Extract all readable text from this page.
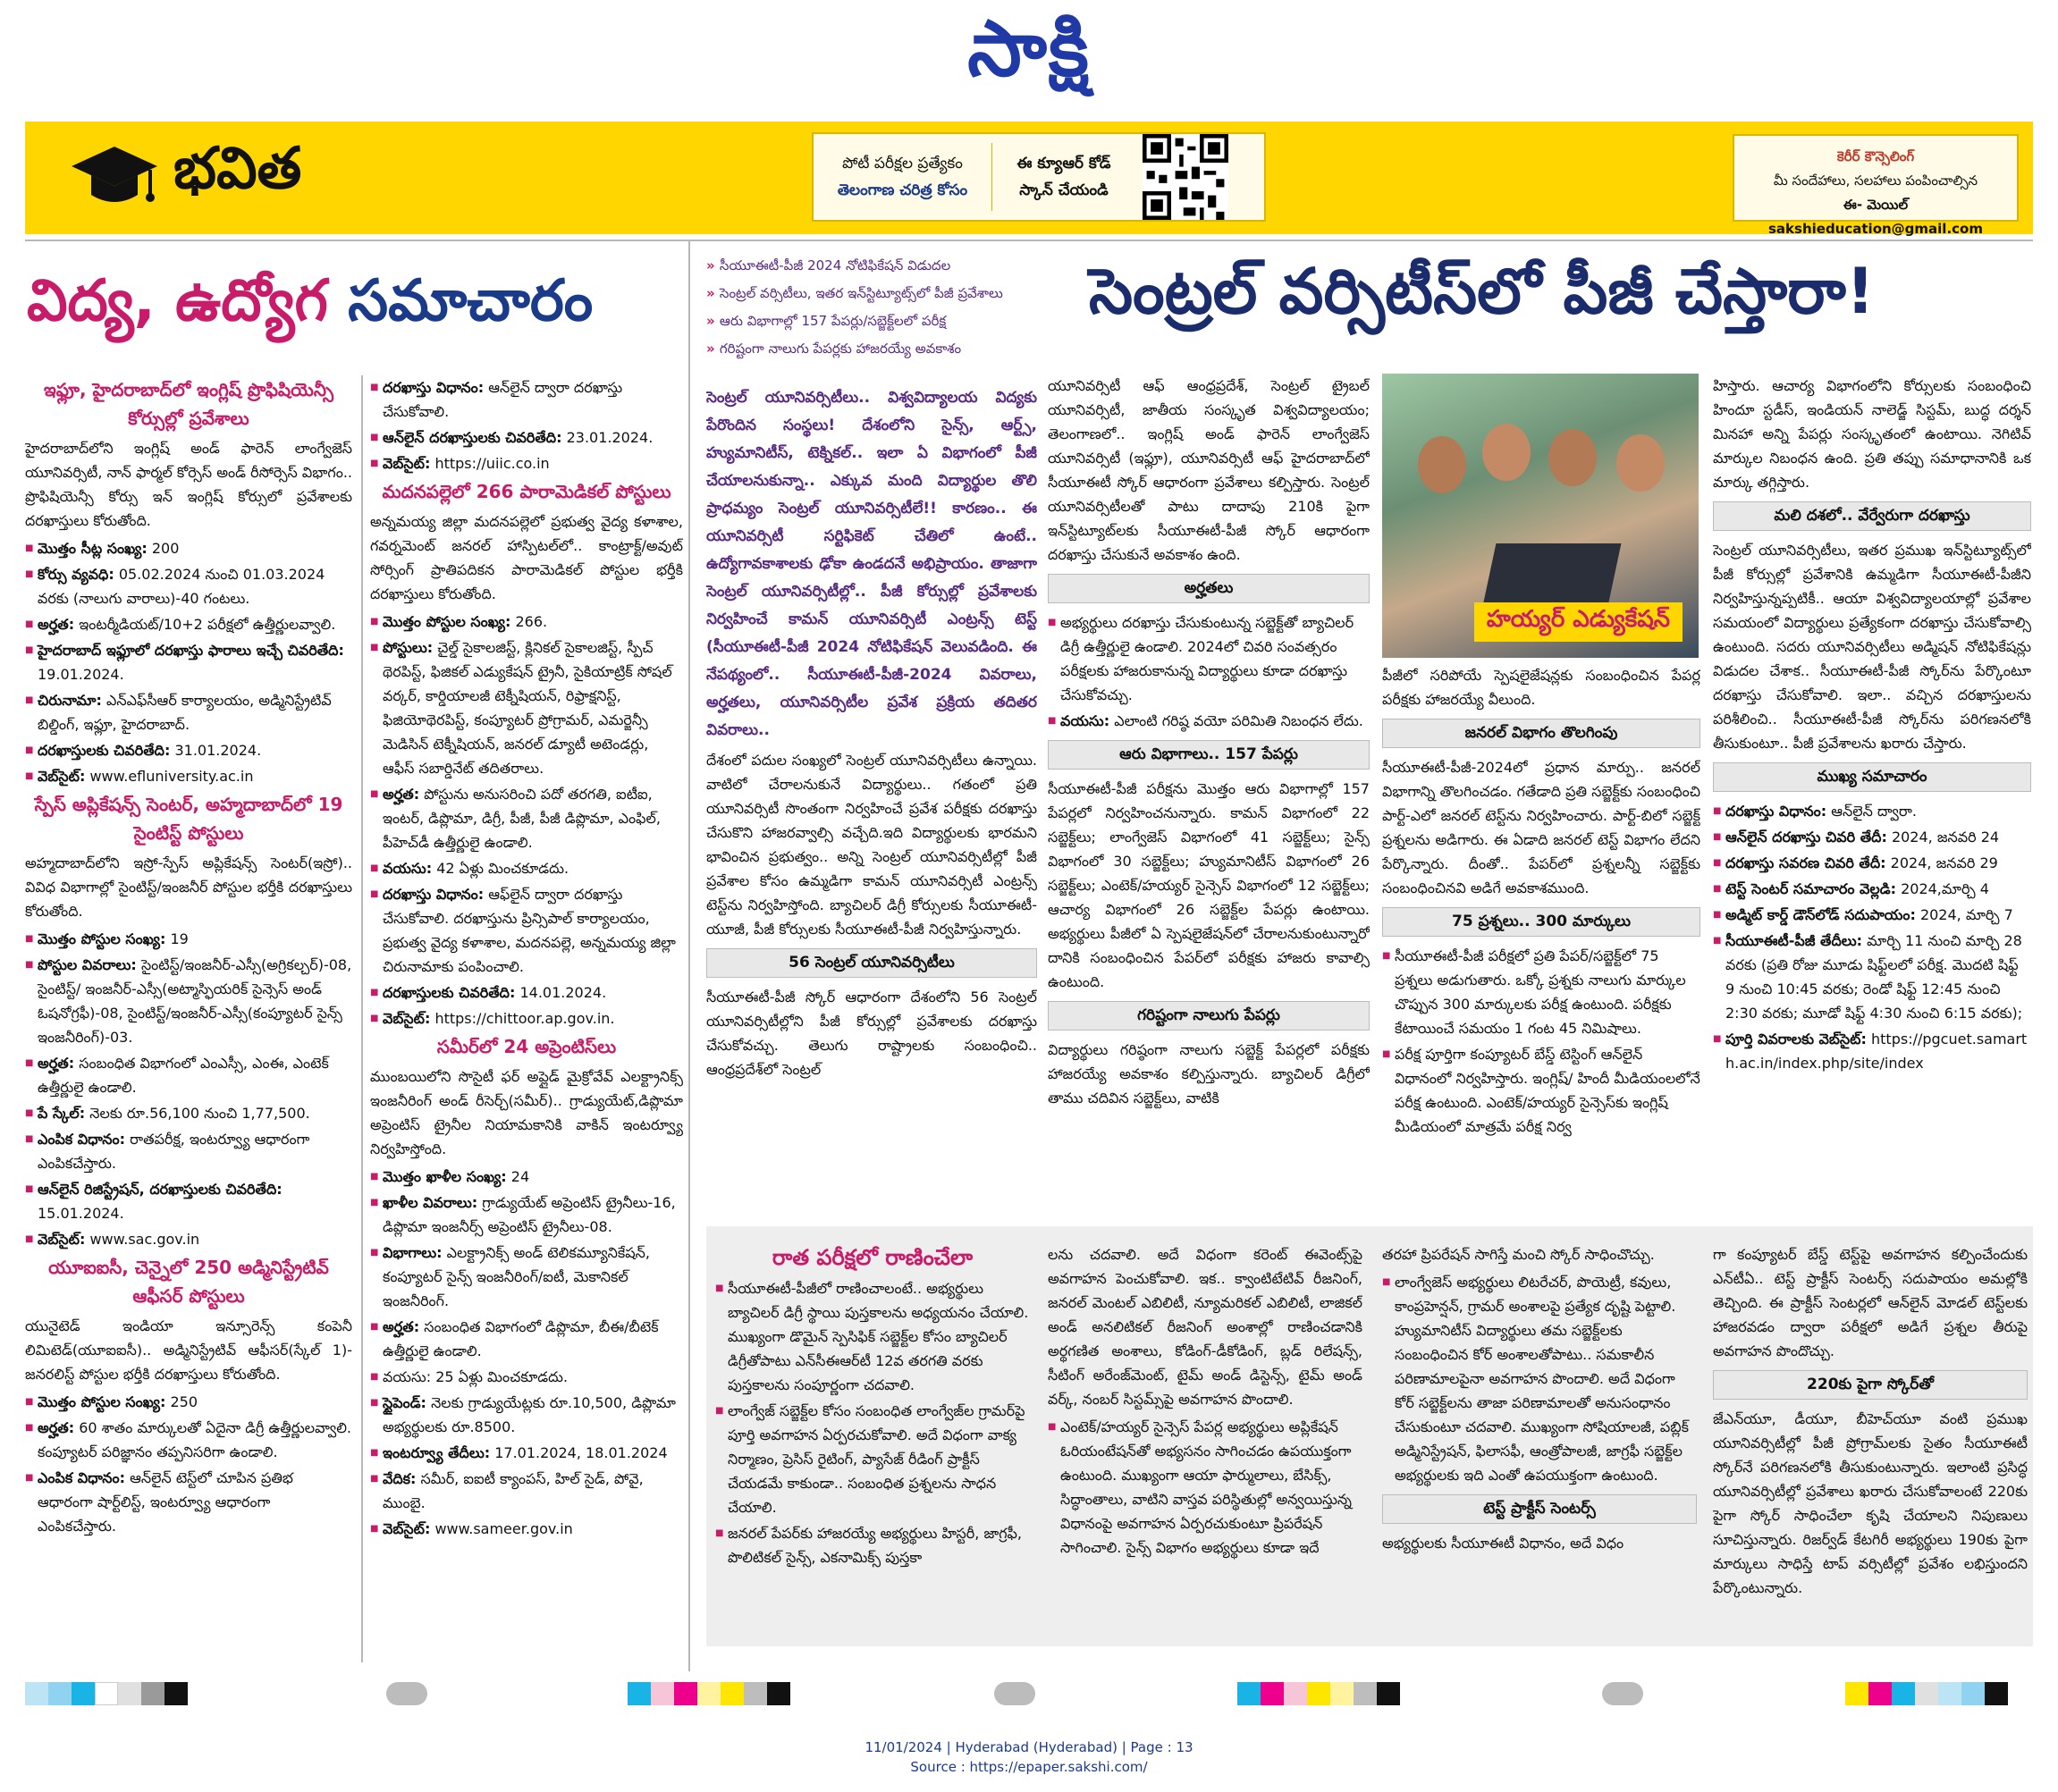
సాక్షి
భవిత	పోటీ పరీక్షల ప్రత్యేకం
తెలంగాణ చరిత్ర కోసం
ఈ క్యూఆర్ కోడ్
స్కాన్ చేయండి
కెరీర్ కౌన్సెలింగ్
మీ సందేహాలు, సలహాలు పంపించాల్సిన
ఈ- మెయిల్ sakshieducation@gmail.com
విద్య, ఉద్యోగ సమాచారం
» సీయూఈటీ-పీజీ 2024 నోటిఫికేషన్ విడుదల
» సెంట్రల్ వర్సిటీలు, ఇతర ఇన్‌స్టిట్యూట్స్‌లో పీజీ ప్రవేశాలు
» ఆరు విభాగాల్లో 157 పేపర్లు/సబ్జెక్ట్‌లలో పరీక్ష
» గరిష్టంగా నాలుగు పేపర్లకు హాజరయ్యే అవకాశం
సెంట్రల్ వర్సిటీస్‌లో పీజీ చేస్తారా!

ఇఫ్లూ, హైదరాబాద్‌లో ఇంగ్లిష్ ప్రొఫిషియెన్సీ కోర్సుల్లో ప్రవేశాలు

హైదరాబాద్‌లోని ఇంగ్లిష్ అండ్ ఫారెన్ లాంగ్వేజెస్ యూనివర్సిటీ, నాన్ ఫార్మల్ కోర్సెస్ అండ్ రీసోర్సెస్ విభాగం.. ప్రొఫిషియెన్సీ కోర్సు ఇన్ ఇంగ్లిష్ కోర్సులో ప్రవేశాలకు దరఖాస్తులు కోరుతోంది.

■ మొత్తం సీట్ల సంఖ్య: 200
■ కోర్సు వ్యవధి: 05.02.2024 నుంచి 01.03.2024 వరకు (నాలుగు వారాలు)-40 గంటలు.
■ అర్హత: ఇంటర్మీడియట్/10+2 పరీక్షలో ఉత్తీర్ణులవ్వాలి.
■ హైదరాబాద్ ఇఫ్లూలో దరఖాస్తు ఫారాలు ఇచ్చే చివరితేది: 19.01.2024.
■ చిరునామా: ఎన్ఎఫ్‌సీఆర్ కార్యాలయం, అడ్మినిస్ట్రేటివ్ బిల్డింగ్, ఇఫ్లూ, హైదరాబాద్.
■ దరఖాస్తులకు చివరితేది: 31.01.2024.
■ వెబ్‌సైట్: www.efluniversity.ac.in

స్పేస్ అప్లికేషన్స్ సెంటర్, అహ్మదాబాద్‌లో 19 సైంటిస్ట్ పోస్టులు

అహ్మదాబాద్‌లోని ఇస్రో-స్పేస్ అప్లికేషన్స్ సెంటర్(ఇస్రో).. వివిధ విభాగాల్లో సైంటిస్ట్/ఇంజనీర్ పోస్టుల భర్తీకి దరఖాస్తులు కోరుతోంది.

■ మొత్తం పోస్టుల సంఖ్య: 19
■ పోస్టుల వివరాలు: సైంటిస్ట్/ఇంజనీర్-ఎస్సీ(అగ్రికల్చర్)-08, సైంటిస్ట్/ ఇంజనీర్-ఎస్సీ(అట్మాస్ఫియరిక్ సైన్సెస్ అండ్ ఓషనోగ్రఫీ)-08, సైంటిస్ట్/ఇంజనీర్-ఎస్సీ(కంప్యూటర్ సైన్స్ ఇంజనీరింగ్)-03.
■ అర్హత: సంబంధిత విభాగంలో ఎంఎస్సీ, ఎంఈ, ఎంటెక్ ఉత్తీర్ణులై ఉండాలి.
■ పే స్కేల్: నెలకు రూ.56,100 నుంచి 1,77,500.
■ ఎంపిక విధానం: రాతపరీక్ష, ఇంటర్వ్యూ ఆధారంగా ఎంపికచేస్తారు.
■ ఆన్‌లైన్ రిజిస్ట్రేషన్, దరఖాస్తులకు చివరితేది: 15.01.2024.
■ వెబ్‌సైట్: www.sac.gov.in

యూఐఐసీ, చెన్నైలో 250 అడ్మినిస్ట్రేటివ్ ఆఫీసర్ పోస్టులు

యునైటెడ్ ఇండియా ఇన్సూరెన్స్ కంపెనీ లిమిటెడ్(యూఐఐసీ).. అడ్మినిస్ట్రేటివ్ ఆఫీసర్(స్కేల్ 1)-జనరలిస్ట్ పోస్టుల భర్తీకి దరఖాస్తులు కోరుతోంది.

■ మొత్తం పోస్టుల సంఖ్య: 250
■ అర్హత: 60 శాతం మార్కులతో ఏదైనా డిగ్రీ ఉత్తీర్ణులవ్వాలి. కంప్యూటర్ పరిజ్ఞానం తప్పనిసరిగా ఉండాలి.
■ ఎంపిక విధానం: ఆన్‌లైన్ టెస్ట్‌లో చూపిన ప్రతిభ ఆధారంగా షార్ట్‌లిస్ట్, ఇంటర్వ్యూ ఆధారంగా ఎంపికచేస్తారు.
■ దరఖాస్తు విధానం: ఆన్‌లైన్ ద్వారా దరఖాస్తు చేసుకోవాలి.
■ ఆన్‌లైన్ దరఖాస్తులకు చివరితేది: 23.01.2024.
■ వెబ్‌సైట్: https://uiic.co.in

మదనపల్లెలో 266 పారామెడికల్ పోస్టులు

అన్నమయ్య జిల్లా మదనపల్లెలో ప్రభుత్వ వైద్య కళాశాల, గవర్నమెంట్ జనరల్ హాస్పిటల్‌లో.. కాంట్రాక్ట్/అవుట్ సోర్సింగ్ ప్రాతిపదికన పారామెడికల్ పోస్టుల భర్తీకి దరఖాస్తులు కోరుతోంది.

■ మొత్తం పోస్టుల సంఖ్య: 266.
■ పోస్టులు: చైల్డ్ సైకాలజిస్ట్, క్లినికల్ సైకాలజిస్ట్, స్పీచ్ థెరపిస్ట్, ఫిజికల్ ఎడ్యుకేషన్ ట్రైనీ, సైకియాట్రిక్ సోషల్ వర్కర్, కార్డియాలజీ టెక్నీషియన్, రిఫ్రాక్షనిస్ట్, ఫిజియోథెరపిస్ట్, కంప్యూటర్ ప్రోగ్రామర్, ఎమర్జెన్సీ మెడిసిన్ టెక్నీషియన్, జనరల్ డ్యూటీ అటెండర్లు, ఆఫీస్ సబార్డినేట్ తదితరాలు.
■ అర్హత: పోస్టును అనుసరించి పదో తరగతి, ఐటీఐ, ఇంటర్, డిప్లొమా, డిగ్రీ, పీజీ, పీజీ డిప్లొమా, ఎంఫిల్, పీహెచ్‌డీ ఉత్తీర్ణులై ఉండాలి.
■ వయసు: 42 ఏళ్లు మించకూడదు.
■ దరఖాస్తు విధానం: ఆఫ్‌లైన్ ద్వారా దరఖాస్తు చేసుకోవాలి. దరఖాస్తును ప్రిన్సిపాల్ కార్యాలయం, ప్రభుత్వ వైద్య కళాశాల, మదనపల్లె, అన్నమయ్య జిల్లా చిరునామాకు పంపించాలి.
■ దరఖాస్తులకు చివరితేది: 14.01.2024.
■ వెబ్‌సైట్: https://chittoor.ap.gov.in.

సమీర్‌లో 24 అప్రెంటిస్‌లు

ముంబయిలోని సొసైటీ ఫర్ అప్లైడ్ మైక్రోవేవ్ ఎలక్ట్రానిక్స్ ఇంజనీరింగ్ అండ్ రీసెర్చ్(సమీర్).. గ్రాడ్యుయేట్,డిప్లొమా అప్రెంటిస్ ట్రైనీల నియామకానికి వాకిన్ ఇంటర్వ్యూ నిర్వహిస్తోంది.

■ మొత్తం ఖాళీల సంఖ్య: 24
■ ఖాళీల వివరాలు: గ్రాడ్యుయేట్ అప్రెంటిస్ ట్రైనీలు-16, డిప్లొమా ఇంజనీర్స్ అప్రెంటిస్ ట్రైనీలు-08.
■ విభాగాలు: ఎలక్ట్రానిక్స్ అండ్ టెలికమ్యూనికేషన్, కంప్యూటర్ సైన్స్ ఇంజనీరింగ్/ఐటీ, మెకానికల్ ఇంజనీరింగ్.
■ అర్హత: సంబంధిత విభాగంలో డిప్లొమా, బీఈ/బీటెక్ ఉత్తీర్ణులై ఉండాలి.
■ వయసు: 25 ఏళ్లు మించకూడదు.
■ స్టైపెండ్: నెలకు గ్రాడ్యుయేట్లకు రూ.10,500, డిప్లొమా అభ్యర్థులకు రూ.8500.
■ ఇంటర్వ్యూ తేదీలు: 17.01.2024, 18.01.2024
■ వేదిక: సమీర్, ఐఐటీ క్యాంపస్, హిల్ సైడ్, పోవై, ముంబై.
■ వెబ్‌సైట్: www.sameer.gov.in

సెంట్రల్ యూనివర్సిటీలు.. విశ్వవిద్యాలయ విద్యకు పేరొందిన సంస్థలు! దేశంలోని సైన్స్, ఆర్ట్స్, హ్యుమానిటీస్, టెక్నికల్.. ఇలా ఏ విభాగంలో పీజీ చేయాలనుకున్నా.. ఎక్కువ మంది విద్యార్థుల తొలి ప్రాధమ్యం సెంట్రల్ యూనివర్సిటీలే!! కారణం.. ఈ యూనివర్సిటీ సర్టిఫికెట్ చేతిలో ఉంటే.. ఉద్యోగావకాశాలకు ఢోకా ఉండదనే అభిప్రాయం. తాజాగా సెంట్రల్ యూనివర్సిటీల్లో.. పీజీ కోర్సుల్లో ప్రవేశాలకు నిర్వహించే కామన్ యూనివర్సిటీ ఎంట్రన్స్ టెస్ట్ (సీయూఈటీ-పీజీ 2024 నోటిఫికేషన్ వెలువడింది. ఈ నేపథ్యంలో.. సీయూఈటీ-పీజీ-2024 వివరాలు, అర్హతలు, యూనివర్సిటీల ప్రవేశ ప్రక్రియ తదితర వివరాలు..

దేశంలో పదుల సంఖ్యలో సెంట్రల్ యూనివర్సిటీలు ఉన్నాయి. వాటిలో చేరాలనుకునే విద్యార్థులు.. గతంలో ప్రతి యూనివర్సిటీ సొంతంగా నిర్వహించే ప్రవేశ పరీక్షకు దరఖాస్తు చేసుకొని హాజరవ్వాల్సి వచ్చేది.ఇది విద్యార్థులకు భారమని భావించిన ప్రభుత్వం.. అన్ని సెంట్రల్ యూనివర్సిటీల్లో పీజీ ప్రవేశాల కోసం ఉమ్మడిగా కామన్ యూనివర్సిటీ ఎంట్రన్స్ టెస్ట్‌ను నిర్వహిస్తోంది. బ్యాచిలర్ డిగ్రీ కోర్సులకు సీయూఈటీ-యూజీ, పీజీ కోర్సులకు సీయూఈటీ-పీజీ నిర్వహిస్తున్నారు.

56 సెంట్రల్ యూనివర్సిటీలు

సీయూఈటీ-పీజీ స్కోర్ ఆధారంగా దేశంలోని 56 సెంట్రల్ యూనివర్సిటీల్లోని పీజీ కోర్సుల్లో ప్రవేశాలకు దరఖాస్తు చేసుకోవచ్చు. తెలుగు రాష్ట్రాలకు సంబంధించి.. ఆంధ్రప్రదేశ్‌లో సెంట్రల్

యూనివర్సిటీ ఆఫ్ ఆంధ్రప్రదేశ్, సెంట్రల్ ట్రైబల్ యూనివర్సిటీ, జాతీయ సంస్కృత విశ్వవిద్యాలయం; తెలంగాణలో.. ఇంగ్లిష్ అండ్ ఫారెన్ లాంగ్వేజెస్ యూనివర్సిటీ (ఇఫ్లూ), యూనివర్సిటీ ఆఫ్ హైదరాబాద్‌లో సీయూఈటీ స్కోర్ ఆధారంగా ప్రవేశాలు కల్పిస్తారు. సెంట్రల్ యూనివర్సిటీలతో పాటు దాదాపు 210కి పైగా ఇన్‌స్టిట్యూట్‌లకు సీయూఈటీ-పీజీ స్కోర్ ఆధారంగా దరఖాస్తు చేసుకునే అవకాశం ఉంది.

అర్హతలు
■ అభ్యర్థులు దరఖాస్తు చేసుకుంటున్న సబ్జెక్ట్‌తో బ్యాచిలర్ డిగ్రీ ఉత్తీర్ణులై ఉండాలి. 2024లో చివరి సంవత్సరం పరీక్షలకు హాజరుకానున్న విద్యార్థులు కూడా దరఖాస్తు చేసుకోవచ్చు.
■ వయసు: ఎలాంటి గరిష్ఠ వయో పరిమితి నిబంధన లేదు.
ఆరు విభాగాలు.. 157 పేపర్లు

సీయూఈటీ-పీజీ పరీక్షను మొత్తం ఆరు విభాగాల్లో 157 పేపర్లలో నిర్వహించనున్నారు. కామన్ విభాగంలో 22 సబ్జెక్ట్‌లు; లాంగ్వేజెస్ విభాగంలో 41 సబ్జెక్ట్‌లు; సైన్స్ విభాగంలో 30 సబ్జెక్ట్‌లు; హ్యుమానిటీస్ విభాగంలో 26 సబ్జెక్ట్‌లు; ఎంటెక్/హయ్యర్ సైన్సెస్ విభాగంలో 12 సబ్జెక్ట్‌లు; ఆచార్య విభాగంలో 26 సబ్జెక్ట్‌ల పేపర్లు ఉంటాయి. అభ్యర్థులు పీజీలో ఏ స్పెషలైజేషన్‌లో చేరాలనుకుంటున్నారో దానికి సంబంధించిన పేపర్‌లో పరీక్షకు హాజరు కావాల్సి ఉంటుంది.

గరిష్టంగా నాలుగు పేపర్లు

విద్యార్థులు గరిష్ఠంగా నాలుగు సబ్జెక్ట్ పేపర్లలో పరీక్షకు హాజరయ్యే అవకాశం కల్పిస్తున్నారు. బ్యాచిలర్ డిగ్రీలో తాము చదివిన సబ్జెక్ట్‌లు, వాటికి

హయ్యర్ ఎడ్యుకేషన్

పీజీలో సరిపోయే స్పెషలైజేషన్లకు సంబంధించిన పేపర్ల పరీక్షకు హాజరయ్యే వీలుంది.

జనరల్ విభాగం తొలగింపు

సీయూఈటీ-పీజీ-2024లో ప్రధాన మార్పు.. జనరల్ విభాగాన్ని తొలగించడం. గతేడాది ప్రతి సబ్జెక్ట్‌కు సంబంధించి పార్ట్-ఎలో జనరల్ టెస్ట్‌ను నిర్వహించారు. పార్ట్-బిలో సబ్జెక్ట్ ప్రశ్నలను అడిగారు. ఈ ఏడాది జనరల్ టెస్ట్ విభాగం లేదని పేర్కొన్నారు. దీంతో.. పేపర్‌లో ప్రశ్నలన్నీ సబ్జెక్ట్‌కు సంబంధించినవి అడిగే అవకాశముంది.

75 ప్రశ్నలు.. 300 మార్కులు
■ సీయూఈటీ-పీజీ పరీక్షలో ప్రతి పేపర్/సబ్జెక్ట్‌లో 75 ప్రశ్నలు అడుగుతారు. ఒక్కో ప్రశ్నకు నాలుగు మార్కుల చొప్పున 300 మార్కులకు పరీక్ష ఉంటుంది. పరీక్షకు కేటాయించే సమయం 1 గంట 45 నిమిషాలు.
■ పరీక్ష పూర్తిగా కంప్యూటర్ బేస్డ్ టెస్టింగ్ ఆన్‌లైన్ విధానంలో నిర్వహిస్తారు. ఇంగ్లిష్/ హిందీ మీడియంలలోనే పరీక్ష ఉంటుంది. ఎంటెక్/హయ్యర్ సైన్సెస్‌కు ఇంగ్లిష్ మీడియంలో మాత్రమే పరీక్ష నిర్వ

హిస్తారు. ఆచార్య విభాగంలోని కోర్సులకు సంబంధించి హిందూ స్టడీస్, ఇండియన్ నాలెడ్జ్ సిస్టమ్, బుద్ధ దర్శన్ మినహా అన్ని పేపర్లు సంస్కృతంలో ఉంటాయి. నెగిటివ్ మార్కుల నిబంధన ఉంది. ప్రతి తప్పు సమాధానానికి ఒక మార్కు తగ్గిస్తారు.

మలి దశలో.. వేర్వేరుగా దరఖాస్తు

సెంట్రల్ యూనివర్సిటీలు, ఇతర ప్రముఖ ఇన్‌స్టిట్యూట్స్‌లో పీజీ కోర్సుల్లో ప్రవేశానికి ఉమ్మడిగా సీయూఈటీ-పీజీని నిర్వహిస్తున్నప్పటికీ.. ఆయా విశ్వవిద్యాలయాల్లో ప్రవేశాల సమయంలో విద్యార్థులు ప్రత్యేకంగా దరఖాస్తు చేసుకోవాల్సి ఉంటుంది. సదరు యూనివర్సిటీలు అడ్మిషన్ నోటిఫికేషన్లు విడుదల చేశాక.. సీయూఈటీ-పీజీ స్కోర్‌ను పేర్కొంటూ దరఖాస్తు చేసుకోవాలి. ఇలా.. వచ్చిన దరఖాస్తులను పరిశీలించి.. సీయూఈటీ-పీజీ స్కోర్‌ను పరిగణనలోకి తీసుకుంటూ.. పీజీ ప్రవేశాలను ఖరారు చేస్తారు.

ముఖ్య సమాచారం
■ దరఖాస్తు విధానం: ఆన్‌లైన్ ద్వారా.
■ ఆన్‌లైన్ దరఖాస్తు చివరి తేదీ: 2024, జనవరి 24
■ దరఖాస్తు సవరణ చివరి తేదీ: 2024, జనవరి 29
■ టెస్ట్ సెంటర్ సమాచారం వెల్లడి: 2024,మార్చి 4
■ అడ్మిట్ కార్డ్ డౌన్‌లోడ్ సదుపాయం: 2024, మార్చి 7
■ సీయూఈటీ-పీజీ తేదీలు: మార్చి 11 నుంచి మార్చి 28 వరకు (ప్రతి రోజు మూడు షిఫ్ట్‌లలో పరీక్ష. మొదటి షిఫ్ట్ 9 నుంచి 10:45 వరకు; రెండో షిఫ్ట్ 12:45 నుంచి 2:30 వరకు; మూడో షిఫ్ట్ 4:30 నుంచి 6:15 వరకు);
■ పూర్తి వివరాలకు వెబ్‌సైట్: https://pgcuet.samarth.ac.in/index.php/site/index

రాత పరీక్షలో రాణించేలా

■ సీయూఈటీ-పీజీలో రాణించాలంటే.. అభ్యర్థులు బ్యాచిలర్ డిగ్రీ స్థాయి పుస్తకాలను అధ్యయనం చేయాలి. ముఖ్యంగా డొమైన్ స్పెసిఫిక్ సబ్జెక్ట్‌ల కోసం బ్యాచిలర్ డిగ్రీతోపాటు ఎన్‌సీఈఆర్‌టీ 12వ తరగతి వరకు పుస్తకాలను సంపూర్ణంగా చదవాలి.
■ లాంగ్వేజ్ సబ్జెక్ట్‌ల కోసం సంబంధిత లాంగ్వేజ్‌ల గ్రామర్‌పై పూర్తి అవగాహన ఏర్పరచుకోవాలి. అదే విధంగా వాక్య నిర్మాణం, ప్రెసిస్ రైటింగ్, ప్యాసేజ్ రీడింగ్ ప్రాక్టీస్ చేయడమే కాకుండా.. సంబంధిత ప్రశ్నలను సాధన చేయాలి.
■ జనరల్ పేపర్‌కు హాజరయ్యే అభ్యర్థులు హిస్టరీ, జాగ్రఫీ, పొలిటికల్ సైన్స్, ఎకనామిక్స్ పుస్తకా

లను చదవాలి. అదే విధంగా కరెంట్ ఈవెంట్స్‌పై అవగాహన పెంచుకోవాలి. ఇక.. క్వాంటిటేటివ్ రీజనింగ్, జనరల్ మెంటల్ ఎబిలిటీ, న్యూమరికల్ ఎబిలిటీ, లాజికల్ అండ్ అనలిటికల్ రీజనింగ్ అంశాల్లో రాణించడానికి అర్థగణిత అంశాలు, కోడింగ్-డీకోడింగ్, బ్లడ్ రిలేషన్స్, సీటింగ్ అరేంజ్‌మెంట్, టైమ్ అండ్ డిస్టెన్స్, టైమ్ అండ్ వర్క్, నంబర్ సిస్టమ్స్‌పై అవగాహన పొందాలి.

■ ఎంటెక్/హయ్యర్ సైన్సెస్ పేపర్ల అభ్యర్థులు అప్లికేషన్ ఓరియంటేషన్‌తో అభ్యసనం సాగించడం ఉపయుక్తంగా ఉంటుంది. ముఖ్యంగా ఆయా ఫార్ములాలు, బేసిక్స్, సిద్ధాంతాలు, వాటిని వాస్తవ పరిస్థితుల్లో అన్వయిస్తున్న విధానంపై అవగాహన ఏర్పరచుకుంటూ ప్రిపరేషన్ సాగించాలి. సైన్స్ విభాగం అభ్యర్థులు కూడా ఇదే

తరహా ప్రిపరేషన్ సాగిస్తే మంచి స్కోర్ సాధించొచ్చు.

■ లాంగ్వేజెస్ అభ్యర్థులు లిటరేచర్, పొయెట్రీ, కవులు, కాంప్రహెన్షన్, గ్రామర్ అంశాలపై ప్రత్యేక దృష్టి పెట్టాలి. హ్యుమానిటీస్ విద్యార్థులు తమ సబ్జెక్ట్‌లకు సంబంధించిన కోర్ అంశాలతోపాటు.. సమకాలీన పరిణామాలపైనా అవగాహన పొందాలి. అదే విధంగా కోర్ సబ్జెక్ట్‌లను తాజా పరిణామాలతో అనుసంధానం చేసుకుంటూ చదవాలి. ముఖ్యంగా సోషియాలజీ, పబ్లిక్ అడ్మినిస్ట్రేషన్, ఫిలాసఫీ, ఆంత్రోపాలజీ, జాగ్రఫీ సబ్జెక్ట్‌ల అభ్యర్థులకు ఇది ఎంతో ఉపయుక్తంగా ఉంటుంది.
టెస్ట్ ప్రాక్టీస్ సెంటర్స్

అభ్యర్థులకు సీయూఈటీ విధానం, అదే విధం

గా కంప్యూటర్ బేస్డ్ టెస్ట్‌పై అవగాహన కల్పించేందుకు ఎన్‌టీఏ.. టెస్ట్ ప్రాక్టీస్ సెంటర్స్ సదుపాయం అమల్లోకి తెచ్చింది. ఈ ప్రాక్టీస్ సెంటర్లలో ఆన్‌లైన్ మోడల్ టెస్ట్‌లకు హాజరవడం ద్వారా పరీక్షలో అడిగే ప్రశ్నల తీరుపై అవగాహన పొందొచ్చు.

220కు పైగా స్కోర్‌తో

జేఎన్‌యూ, డీయూ, బీహెచ్‌యూ వంటి ప్రముఖ యూనివర్సిటీల్లో పీజీ ప్రోగ్రామ్‌లకు సైతం సీయూఈటీ స్కోర్‌నే పరిగణనలోకి తీసుకుంటున్నారు. ఇలాంటి ప్రసిద్ధ యూనివర్సిటీల్లో ప్రవేశాలు ఖరారు చేసుకోవాలంటే 220కు పైగా స్కోర్ సాధించేలా కృషి చేయాలని నిపుణులు సూచిస్తున్నారు. రిజర్వ్‌డ్ కేటగిరీ అభ్యర్థులు 190కు పైగా మార్కులు సాధిస్తే టాప్ వర్సిటీల్లో ప్రవేశం లభిస్తుందని పేర్కొంటున్నారు.

11/01/2024 | Hyderabad (Hyderabad) | Page : 13
Source : https://epaper.sakshi.com/
